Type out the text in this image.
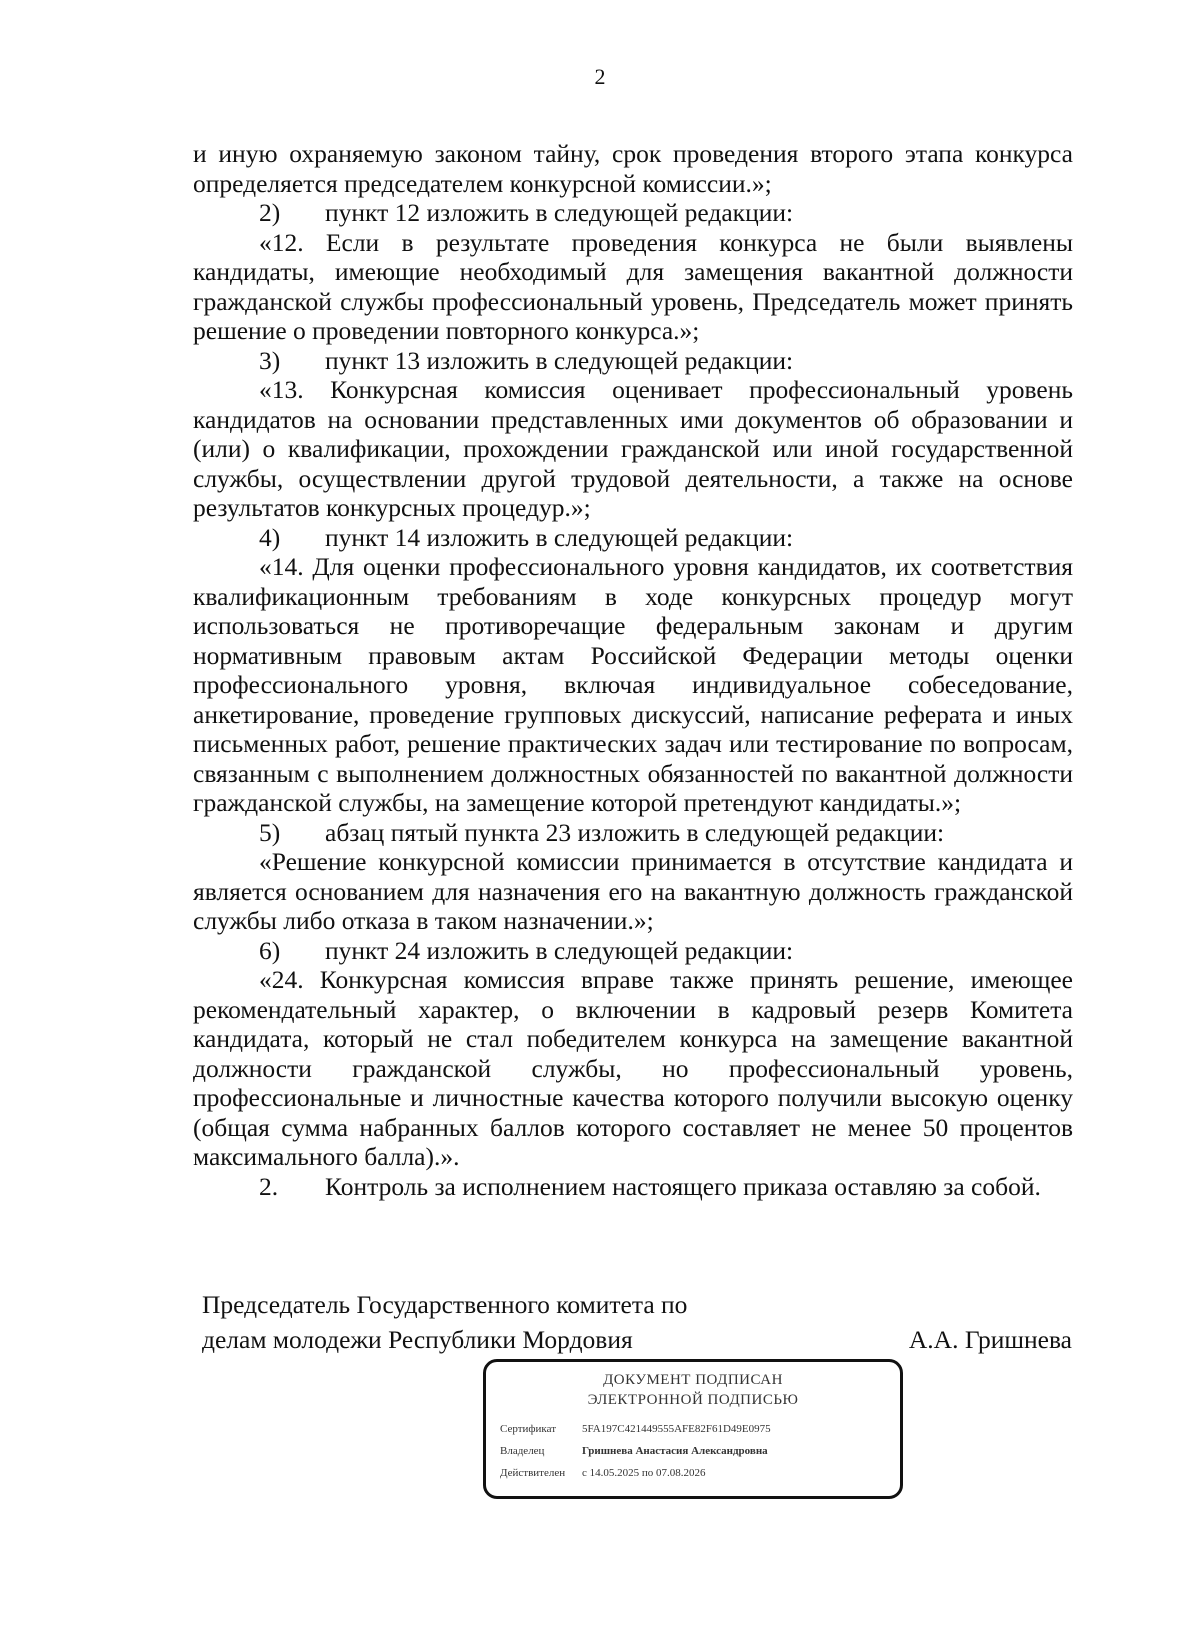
2

и иную охраняемую законом тайну, срок проведения второго этапа конкурса определяется председателем конкурсной комиссии.»;

2)	пункт 12 изложить в следующей редакции:

«12. Если в результате проведения конкурса не были выявлены кандидаты, имеющие необходимый для замещения вакантной должности гражданской службы профессиональный уровень, Председатель может принять решение о проведении повторного конкурса.»;

3)	пункт 13 изложить в следующей редакции:

«13. Конкурсная комиссия оценивает профессиональный уровень кандидатов на основании представленных ими документов об образовании и (или) о квалификации, прохождении гражданской или иной государственной службы, осуществлении другой трудовой деятельности, а также на основе результатов конкурсных процедур.»;

4)	пункт 14 изложить в следующей редакции:

«14. Для оценки профессионального уровня кандидатов, их соответствия квалификационным требованиям в ходе конкурсных процедур могут использоваться не противоречащие федеральным законам и другим нормативным правовым актам Российской Федерации методы оценки профессионального уровня, включая индивидуальное собеседование, анкетирование, проведение групповых дискуссий, написание реферата и иных письменных работ, решение практических задач или тестирование по вопросам, связанным с выполнением должностных обязанностей по вакантной должности гражданской службы, на замещение которой претендуют кандидаты.»;

5)	абзац пятый пункта 23 изложить в следующей редакции:

«Решение конкурсной комиссии принимается в отсутствие кандидата и является основанием для назначения его на вакантную должность гражданской службы либо отказа в таком назначении.»;

6)	пункт 24 изложить в следующей редакции:

«24. Конкурсная комиссия вправе также принять решение, имеющее рекомендательный характер, о включении в кадровый резерв Комитета кандидата, который не стал победителем конкурса на замещение вакантной должности гражданской службы, но профессиональный уровень, профессиональные и личностные качества которого получили высокую оценку (общая сумма набранных баллов которого составляет не менее 50 процентов максимального балла).».

2.	Контроль за исполнением настоящего приказа оставляю за собой.
Председатель Государственного комитета по
делам молодежи Республики Мордовия	А.А. Гришнева
ДОКУМЕНТ ПОДПИСАН
ЭЛЕКТРОННОЙ ПОДПИСЬЮ
Сертификат 5FA197C421449555AFE82F61D49E0975
Владелец	Гришнева Анастасия Александровна
Действителен с 14.05.2025 по 07.08.2026
